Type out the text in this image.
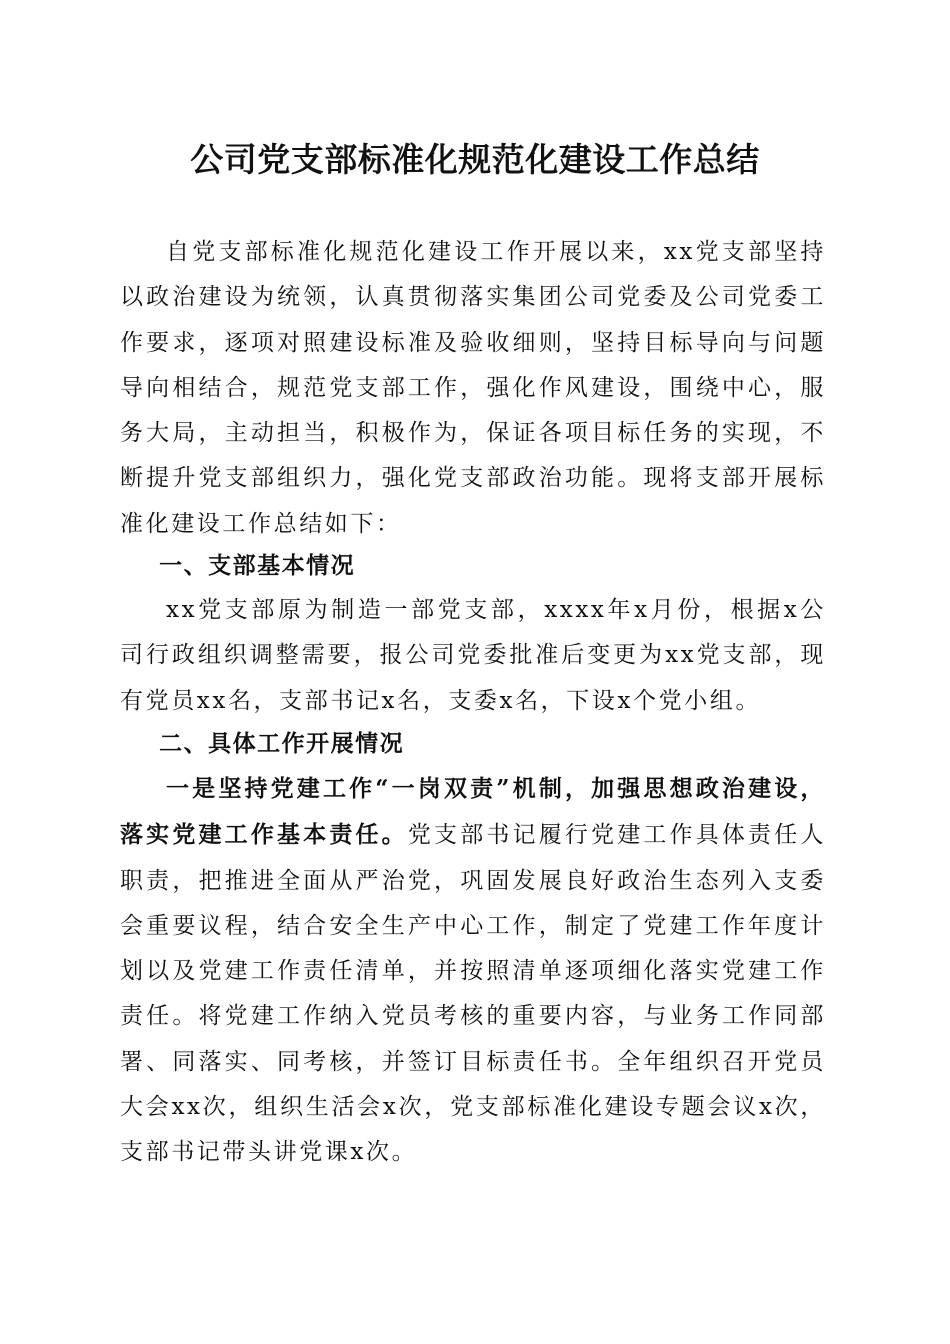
公司党支部标准化规范化建设工作总结

自党支部标准化规范化建设工作开展以来，xx党支部坚持以政治建设为统领，认真贯彻落实集团公司党委及公司党委工作要求，逐项对照建设标准及验收细则，坚持目标导向与问题导向相结合，规范党支部工作，强化作风建设，围绕中心，服务大局，主动担当，积极作为，保证各项目标任务的实现，不断提升党支部组织力，强化党支部政治功能。现将支部开展标准化建设工作总结如下：

一、支部基本情况

xx党支部原为制造一部党支部，xxxx年x月份，根据x公司行政组织调整需要，报公司党委批准后变更为xx党支部，现有党员xx名，支部书记x名，支委x名，下设x个党小组。

二、具体工作开展情况

一是坚持党建工作“一岗双责”机制，加强思想政治建设，落实党建工作基本责任。党支部书记履行党建工作具体责任人职责，把推进全面从严治党，巩固发展良好政治生态列入支委会重要议程，结合安全生产中心工作，制定了党建工作年度计划以及党建工作责任清单，并按照清单逐项细化落实党建工作责任。将党建工作纳入党员考核的重要内容，与业务工作同部署、同落实、同考核，并签订目标责任书。全年组织召开党员大会xx次，组织生活会x次，党支部标准化建设专题会议x次，支部书记带头讲党课x次。
